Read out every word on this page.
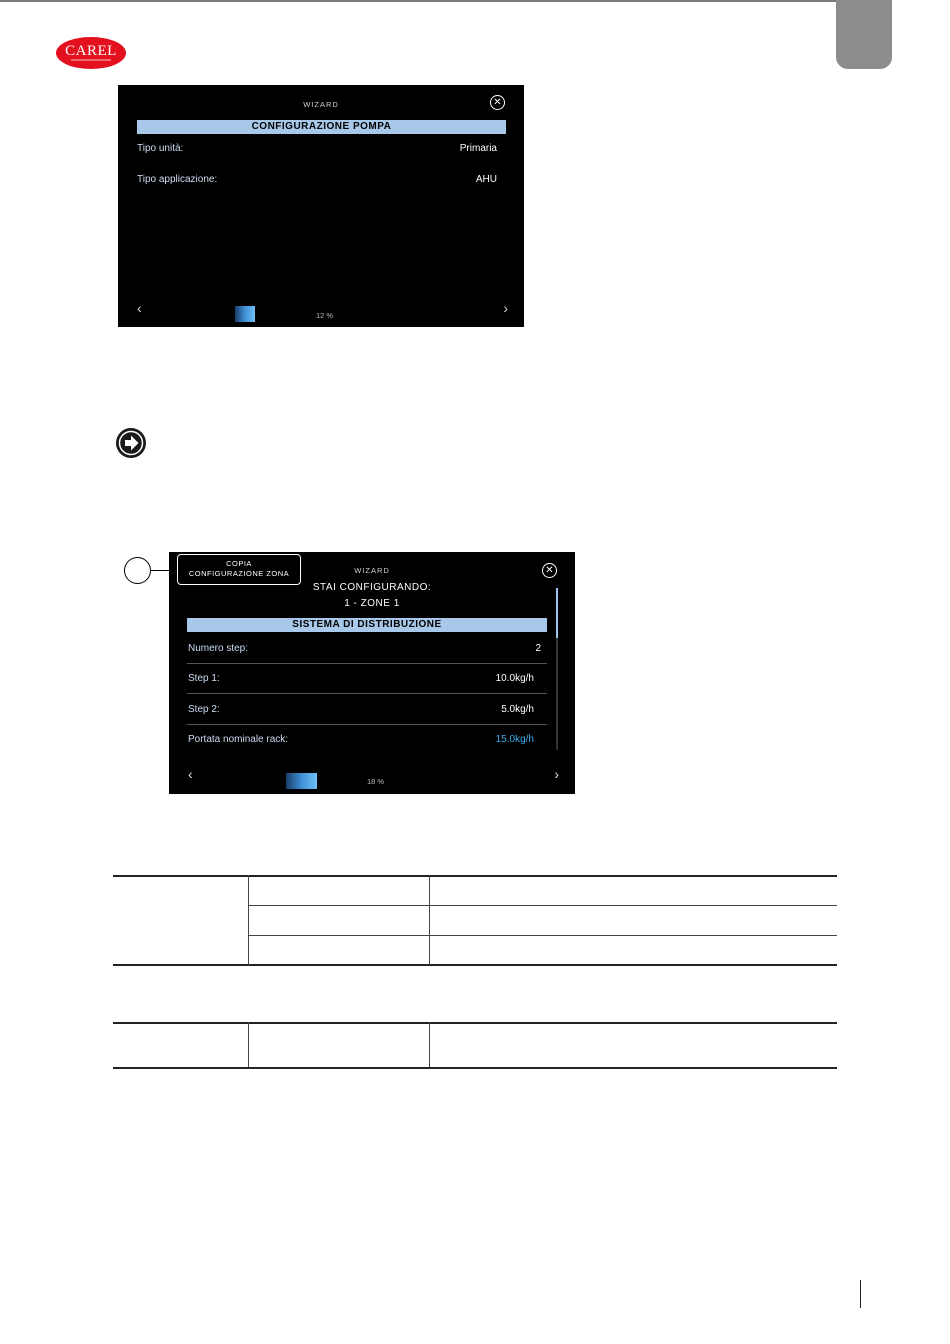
CAREL
WIZARD	✕
CONFIGURAZIONE POMPA
Tipo unità:	Primaria
Tipo applicazione:	AHU
‹	›
12 %
WIZARD	✕
STAI CONFIGURANDO:
1 - ZONE 1
SISTEMA DI DISTRIBUZIONE
Numero step:	2
Step 1:	10.0kg/h
Step 2:	5.0kg/h
Portata nominale rack:	15.0kg/h
‹	›
18 %
COPIA
CONFIGURAZIONE ZONA
